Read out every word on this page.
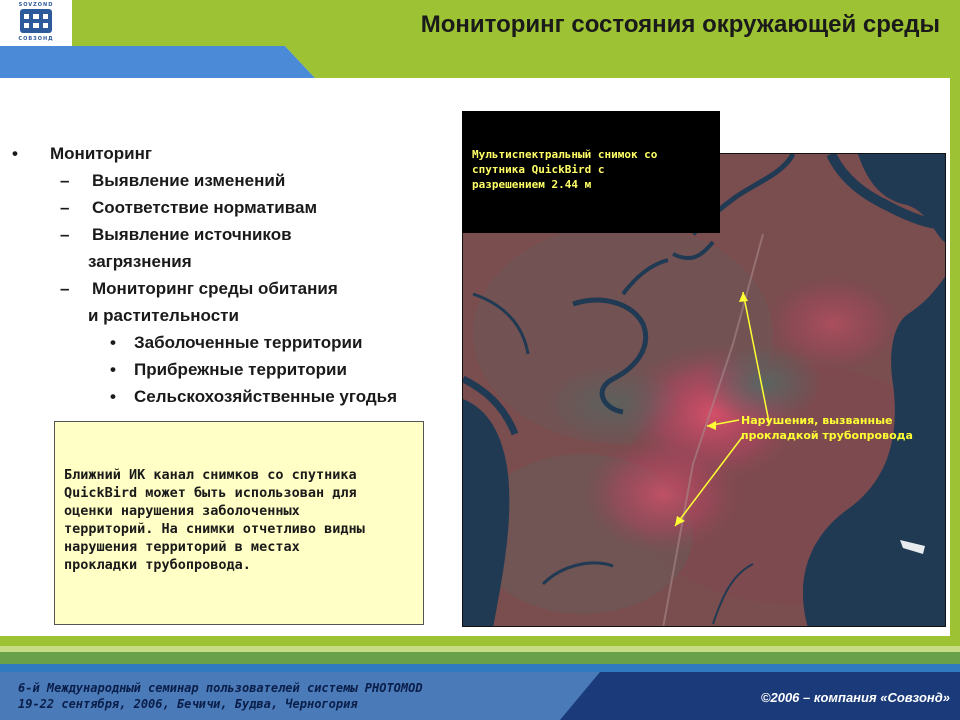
SOVZOND
СОВЗОНД
Мониторинг состояния окружающей среды
• Мониторинг
– Выявление изменений
– Соответствие нормативам
– Выявление источников
загрязнения
– Мониторинг среды обитания
и растительности
• Заболоченные территории
• Прибрежные территории
• Сельскохозяйственные угодья
Ближний ИК канал снимков со спутника
QuickBird может быть использован для
оценки нарушения заболоченных
территорий. На снимки отчетливо видны
нарушения территорий в местах
прокладки трубопровода.
Мультиспектральный снимок со
спутника QuickBird с
разрешением 2.44 м
Нарушения, вызванные
прокладкой трубопровода
6-й Международный семинар пользователей системы PHOTOMOD
19-22 сентября, 2006, Бечичи, Будва, Черногория	©2006 – компания «Совзонд»
